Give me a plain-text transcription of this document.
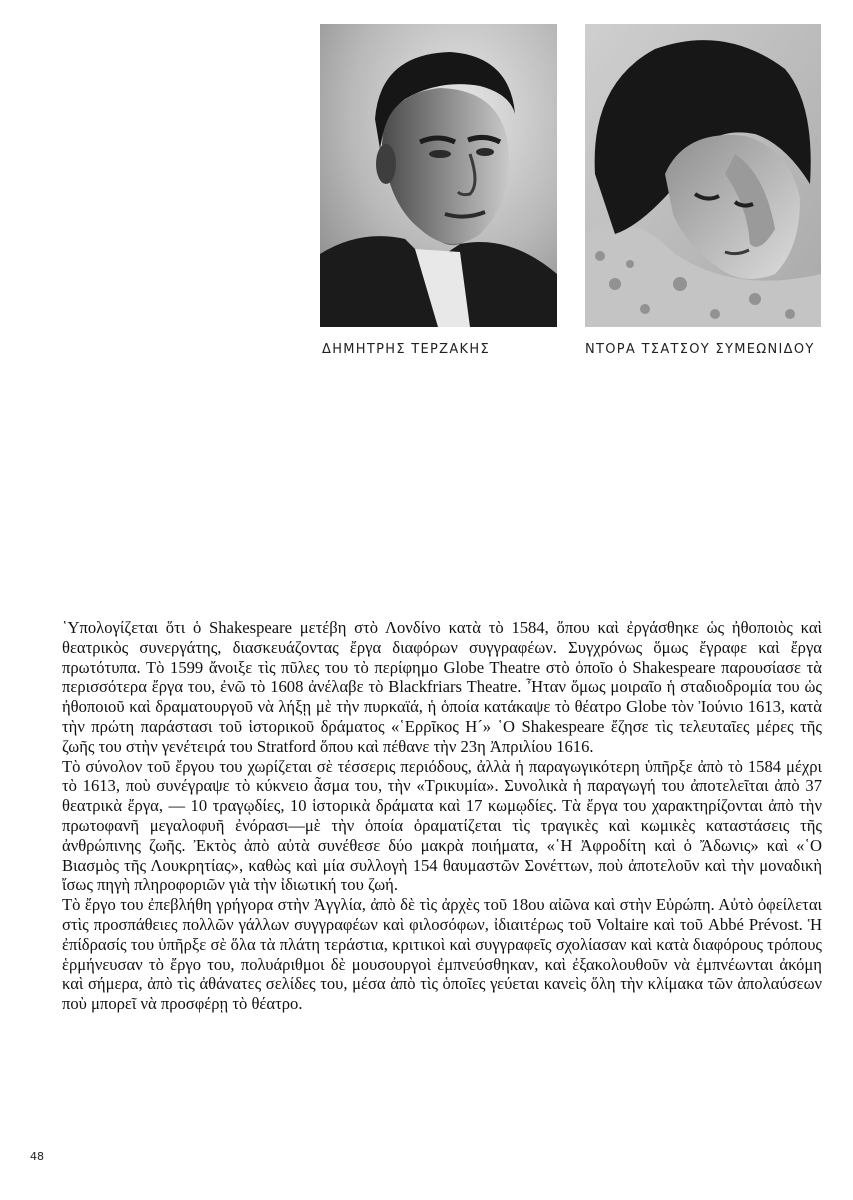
ΔΗΜΗΤΡΗΣ ΤΕΡΖΑΚΗΣ	ΝΤΟΡΑ ΤΣΑΤΣΟΥ ΣΥΜΕΩΝΙΔΟΥ

῾Υπολογίζεται ὅτι ὁ Shakespeare μετέβη στὸ Λονδίνο κατὰ τὸ 1584, ὅπου καὶ ἐργάσθηκε ὡς ἠθοποιὸς καὶ θεατρικὸς συνεργάτης, διασκευάζοντας ἔργα διαφόρων συγγραφέων. Συγχρόνως ὅμως ἔγραφε καὶ ἔργα πρωτότυπα. Τὸ 1599 ἄνοιξε τὶς πῦλες του τὸ περίφημο Globe Theatre στὸ ὁποῖο ὁ Shakespeare παρουσίασε τὰ περισσότερα ἔργα του, ἐνῶ τὸ 1608 ἀνέλαβε τὸ Blackfriars Theatre. Ἦταν ὅμως μοιραῖο ἡ σταδιοδρομία του ὡς ἠθοποιοῦ καὶ δραματουργοῦ νὰ λήξῃ μὲ τὴν πυρκαϊά, ἡ ὁποία κατάκαψε τὸ θέατρο Globe τὸν Ἰούνιο 1613, κατὰ τὴν πρώτη παράστασι τοῦ ἱστορικοῦ δράματος «῾Ερρῖκος Η´» ῾Ο Shakespeare ἔζησε τὶς τελευταῖες μέρες τῆς ζωῆς του στὴν γενέτειρά του Stratford ὅπου καὶ πέθανε τὴν 23η Ἀπριλίου 1616.

Τὸ σύνολον τοῦ ἔργου του χωρίζεται σὲ τέσσερις περιόδους, ἀλλὰ ἡ παραγωγικότερη ὑπῆρξε ἀπὸ τὸ 1584 μέχρι τὸ 1613, ποὺ συνέγραψε τὸ κύκνειο ἆσμα του, τὴν «Τρικυμία». Συνολικὰ ἡ παραγωγή του ἀποτελεῖται ἀπὸ 37 θεατρικὰ ἔργα, — 10 τραγῳδίες, 10 ἱστορικὰ δράματα καὶ 17 κωμῳδίες. Τὰ ἔργα του χαρακτηρίζονται ἀπὸ τὴν πρωτοφανῆ μεγαλοφυῆ ἐνόρασι—μὲ τὴν ὁποία ὁραματίζεται τὶς τραγικὲς καὶ κωμικὲς καταστάσεις τῆς ἀνθρώπινης ζωῆς. Ἐκτὸς ἀπὸ αὐτὰ συνέθεσε δύο μακρὰ ποιήματα, «῾Η Ἀφροδίτη καὶ ὁ Ἄδωνις» καὶ «῾Ο Βιασμὸς τῆς Λουκρητίας», καθὼς καὶ μία συλλογὴ 154 θαυμαστῶν Σονέττων, ποὺ ἀποτελοῦν καὶ τὴν μοναδικὴ ἴσως πηγὴ πληροφοριῶν γιὰ τὴν ἰδιωτική του ζωή.

Τὸ ἔργο του ἐπεβλήθη γρήγορα στὴν Ἀγγλία, ἀπὸ δὲ τὶς ἀρχὲς τοῦ 18ου αἰῶνα καὶ στὴν Εὐρώπη. Αὐτὸ ὀφείλεται στὶς προσπάθειες πολλῶν γάλλων συγγραφέων καὶ φιλοσόφων, ἰδιαιτέρως τοῦ Voltaire καὶ τοῦ Abbé Prévost. Ἡ ἐπίδρασίς του ὑπῆρξε σὲ ὅλα τὰ πλάτη τεράστια, κριτικοὶ καὶ συγγραφεῖς σχολίασαν καὶ κατὰ διαφόρους τρόπους ἑρμήνευσαν τὸ ἔργο του, πολυάριθμοι δὲ μουσουργοὶ ἐμπνεύσθηκαν, καὶ ἐξακολουθοῦν νὰ ἐμπνέωνται ἀκόμη καὶ σήμερα, ἀπὸ τὶς ἀθάνατες σελίδες του, μέσα ἀπὸ τὶς ὁποῖες γεύεται κανεὶς ὅλη τὴν κλίμακα τῶν ἀπολαύσεων ποὺ μπορεῖ νὰ προσφέρῃ τὸ θέατρο.

48
